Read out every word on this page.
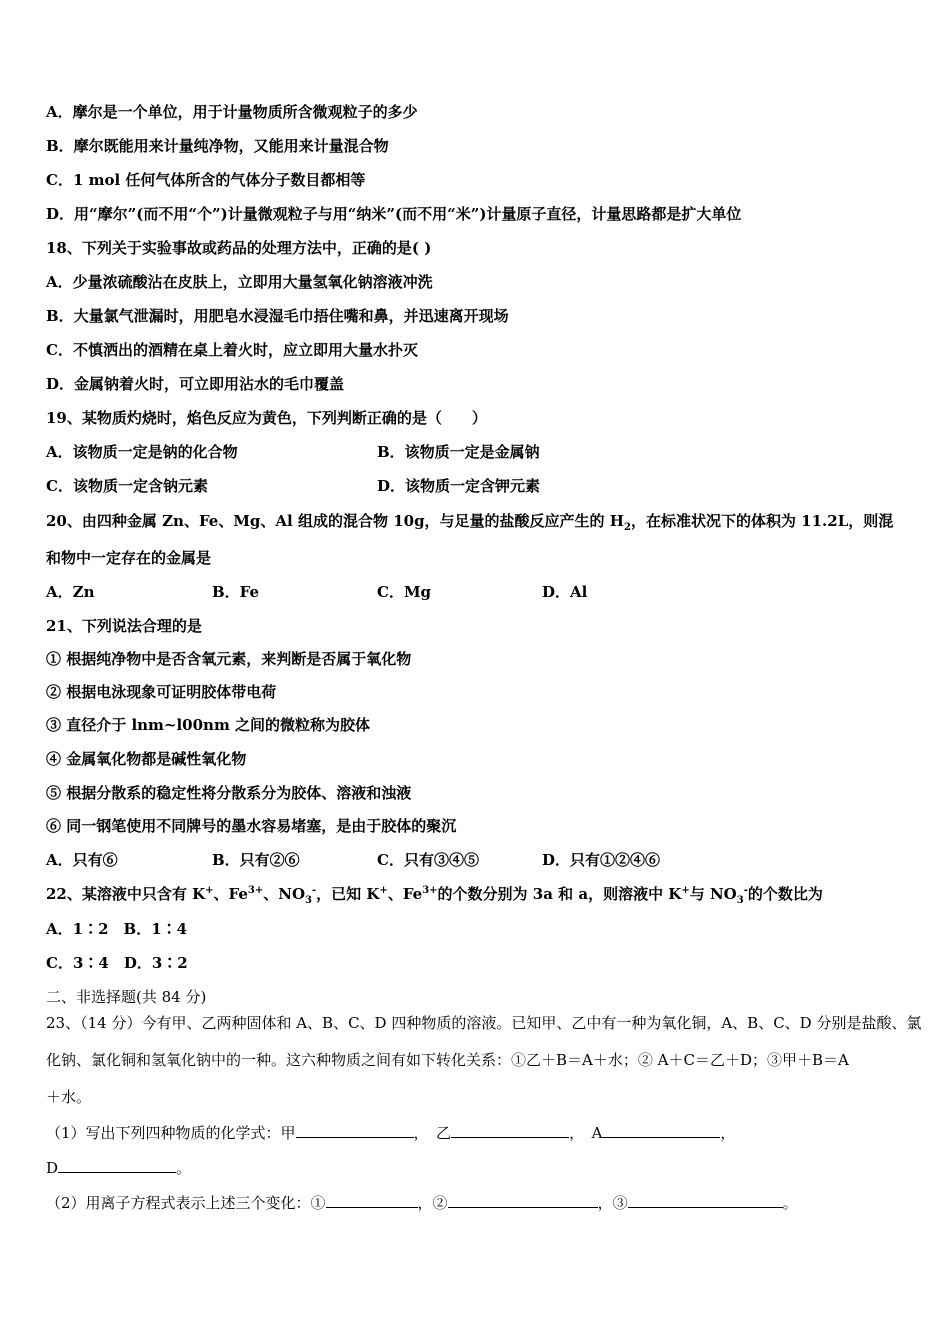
A．摩尔是一个单位，用于计量物质所含微观粒子的多少
B．摩尔既能用来计量纯净物，又能用来计量混合物
C．1 mol 任何气体所含的气体分子数目都相等
D．用“摩尔”(而不用“个”)计量微观粒子与用“纳米”(而不用“米”)计量原子直径，计量思路都是扩大单位
18、下列关于实验事故或药品的处理方法中，正确的是( )
A．少量浓硫酸沾在皮肤上，立即用大量氢氧化钠溶液冲洗
B．大量氯气泄漏时，用肥皂水浸湿毛巾捂住嘴和鼻，并迅速离开现场
C．不慎洒出的酒精在桌上着火时，应立即用大量水扑灭
D．金属钠着火时，可立即用沾水的毛巾覆盖
19、某物质灼烧时，焰色反应为黄色，下列判断正确的是（　　）
A．该物质一定是钠的化合物	B．该物质一定是金属钠
C．该物质一定含钠元素	D．该物质一定含钾元素
20、由四种金属 Zn、Fe、Mg、Al 组成的混合物 10g，与足量的盐酸反应产生的 $H_2$，在标准状况下的体积为 11.2L，则混
和物中一定存在的金属是
A．Zn	B．Fe	C．Mg	D．Al
21、下列说法合理的是
① 根据纯净物中是否含氧元素，来判断是否属于氧化物
② 根据电泳现象可证明胶体带电荷
③ 直径介于 lnm~l00nm 之间的微粒称为胶体
④ 金属氧化物都是碱性氧化物
⑤ 根据分散系的稳定性将分散系分为胶体、溶液和浊液
⑥ 同一钢笔使用不同牌号的墨水容易堵塞，是由于胶体的聚沉
A．只有⑥	B．只有②⑥	C．只有③④⑤	D．只有①②④⑥
22、某溶液中只含有 K+、$Fe^{3+}$、$NO_3^-$，已知 K+、$Fe^{3+}$的个数分别为 3a 和 a，则溶液中 K+与 $NO_3^-$的个数比为
A．1∶2　B．1∶4
C．3∶4　D．3∶2
二、非选择题(共 84 分)
23、（14 分）今有甲、乙两种固体和 A、B、C、D 四种物质的溶液。已知甲、乙中有一种为氧化铜，A、B、C、D 分别是盐酸、氯
化钠、氯化铜和氢氧化钠中的一种。这六种物质之间有如下转化关系：①乙＋B＝A＋水；② A＋C＝乙＋D；③甲＋B＝A
＋水。
（1）写出下列四种物质的化学式：甲	，　乙	，　A	，
D	。
（2）用离子方程式表示上述三个变化：①	，②	，③	。
